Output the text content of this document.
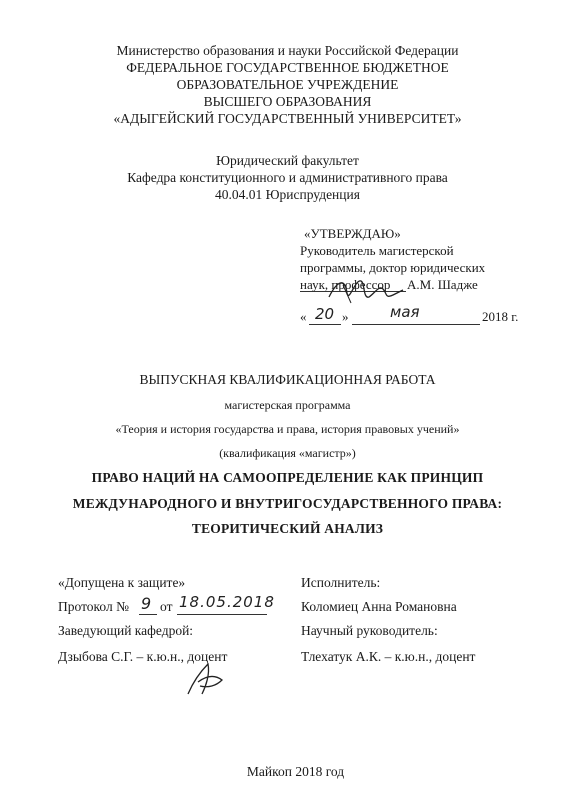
Министерство образования и науки Российской Федерации
ФЕДЕРАЛЬНОЕ ГОСУДАРСТВЕННОЕ БЮДЖЕТНОЕ
ОБРАЗОВАТЕЛЬНОЕ УЧРЕЖДЕНИЕ
ВЫСШЕГО ОБРАЗОВАНИЯ
«АДЫГЕЙСКИЙ ГОСУДАРСТВЕННЫЙ УНИВЕРСИТЕТ»
Юридический факультет
Кафедра конституционного и административного права
40.04.01 Юриспруденция
«УТВЕРЖДАЮ»
Руководитель магистерской
программы, доктор юридических
наук, профессор	А.М. Шадже
« 20 »	мая	2018 г.
ВЫПУСКНАЯ КВАЛИФИКАЦИОННАЯ РАБОТА
магистерская программа
«Теория и история государства и права, история правовых учений»
(квалификация «магистр»)
ПРАВО НАЦИЙ НА САМООПРЕДЕЛЕНИЕ КАК ПРИНЦИП
МЕЖДУНАРОДНОГО И ВНУТРИГОСУДАРСТВЕННОГО ПРАВА:
ТЕОРИТИЧЕСКИЙ АНАЛИЗ
«Допущена к защите»
Протокол № 9 от 18.05.2018
Заведующий кафедрой:
Дзыбова С.Г. – к.ю.н., доцент
Исполнитель:
Коломиец Анна Романовна
Научный руководитель:
Тлехатук А.К. – к.ю.н., доцент
Майкоп 2018 год
